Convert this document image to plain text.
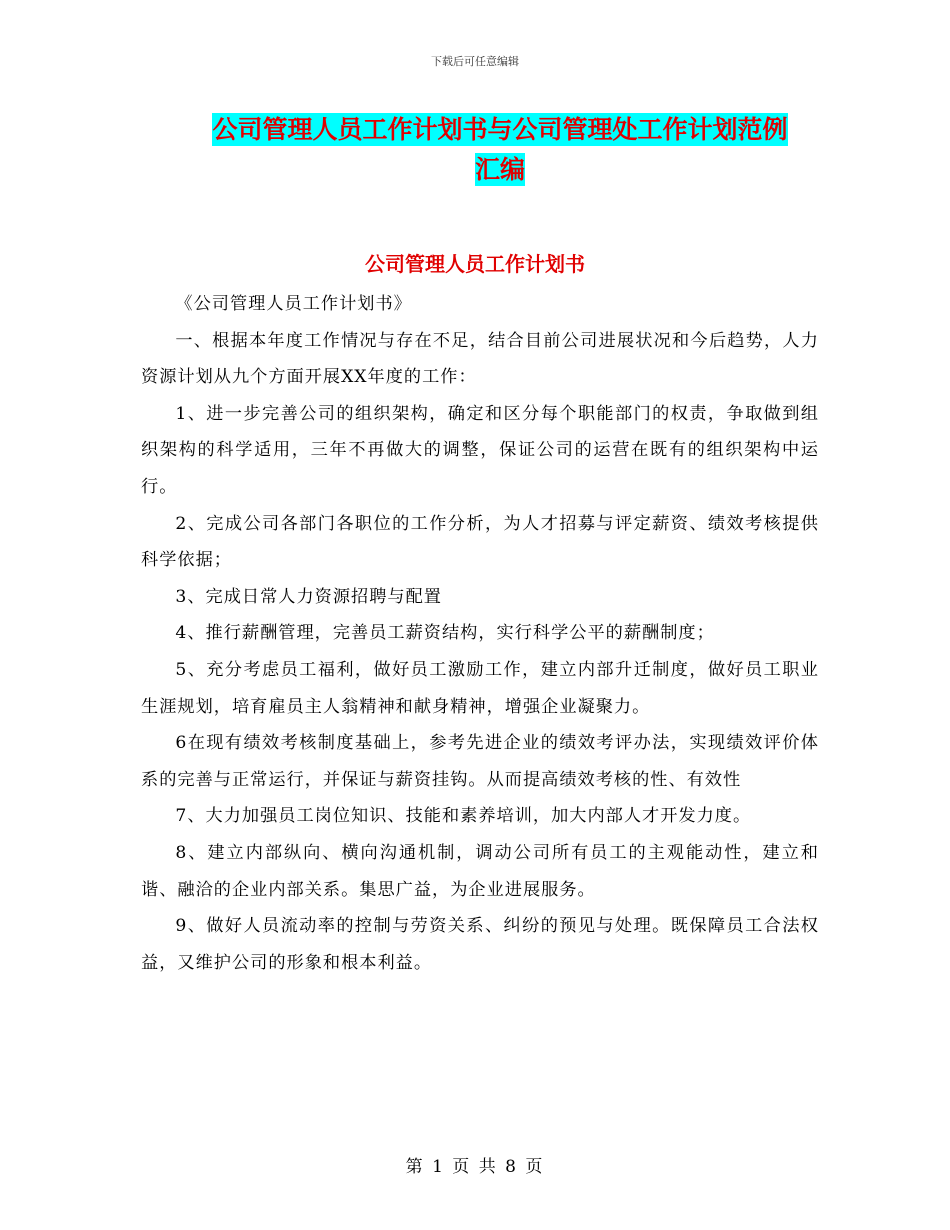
下载后可任意编辑
公司管理人员工作计划书与公司管理处工作计划范例
汇编
公司管理人员工作计划书

《公司管理人员工作计划书》

一、根据本年度工作情况与存在不足，结合目前公司进展状况和今后趋势，人力资源计划从九个方面开展XX年度的工作：

1、进一步完善公司的组织架构，确定和区分每个职能部门的权责，争取做到组织架构的科学适用，三年不再做大的调整，保证公司的运营在既有的组织架构中运行。

2、完成公司各部门各职位的工作分析，为人才招募与评定薪资、绩效考核提供科学依据；

3、完成日常人力资源招聘与配置

4、推行薪酬管理，完善员工薪资结构，实行科学公平的薪酬制度；

5、充分考虑员工福利，做好员工激励工作，建立内部升迁制度，做好员工职业生涯规划，培育雇员主人翁精神和献身精神，增强企业凝聚力。

6在现有绩效考核制度基础上，参考先进企业的绩效考评办法，实现绩效评价体系的完善与正常运行，并保证与薪资挂钩。从而提高绩效考核的性、有效性

7、大力加强员工岗位知识、技能和素养培训，加大内部人才开发力度。

8、建立内部纵向、横向沟通机制，调动公司所有员工的主观能动性，建立和谐、融洽的企业内部关系。集思广益，为企业进展服务。

9、做好人员流动率的控制与劳资关系、纠纷的预见与处理。既保障员工合法权益，又维护公司的形象和根本利益。

第 1 页 共 8 页
